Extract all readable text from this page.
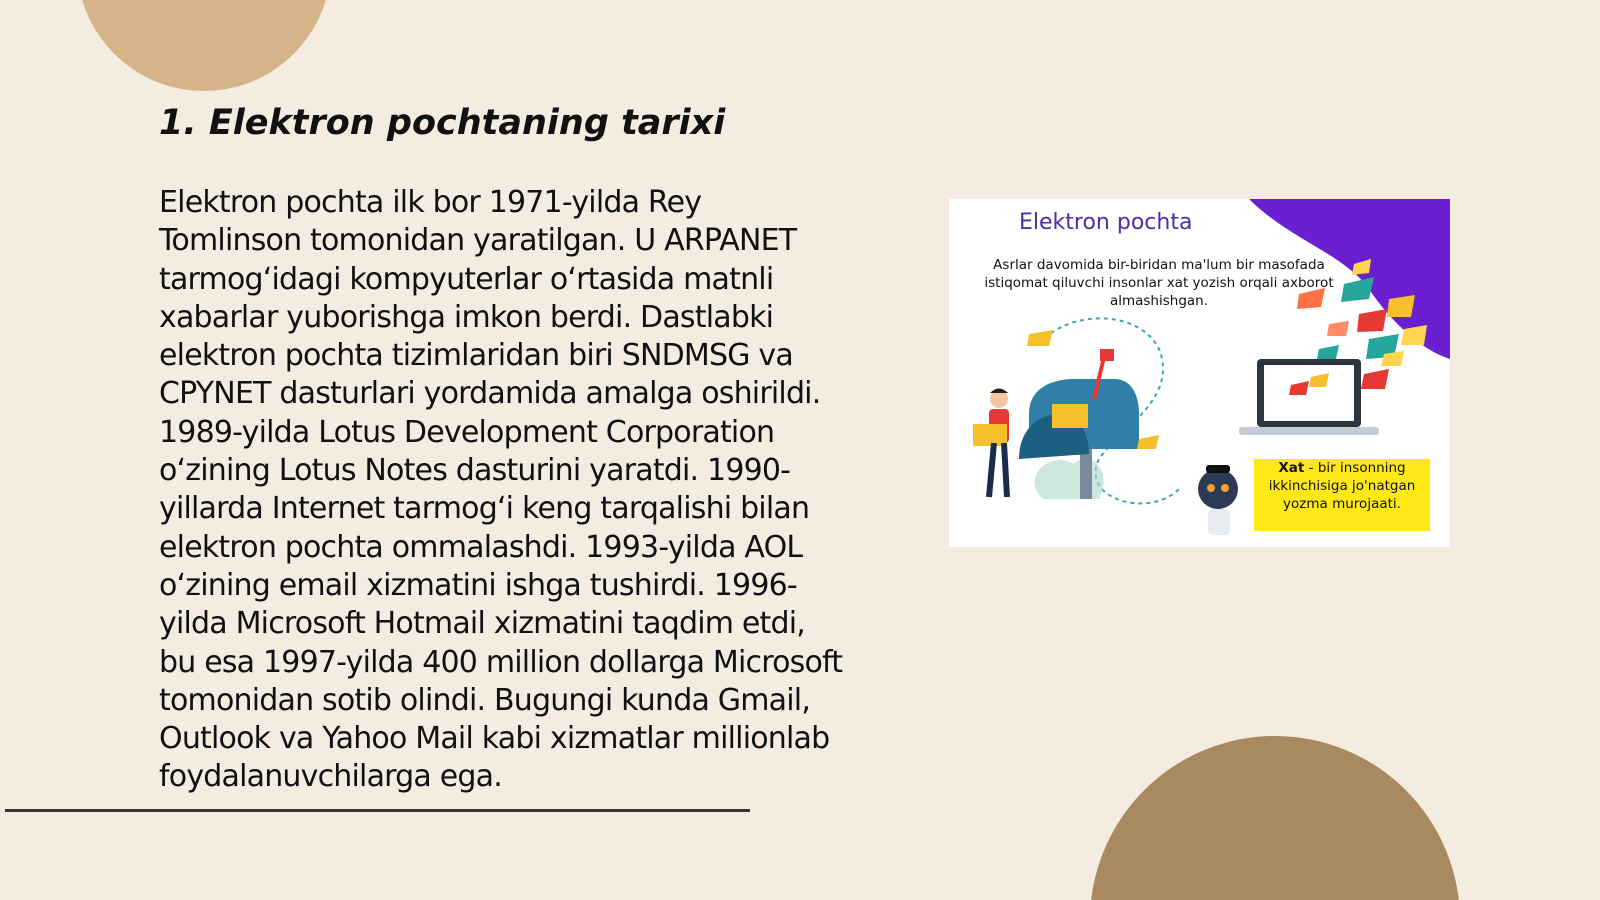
1. Elektron pochtaning tarixi

Elektron pochta ilk bor 1971-yilda Rey Tomlinson tomonidan yaratilgan. U ARPANET tarmog‘idagi kompyuterlar o‘rtasida matnli xabarlar yuborishga imkon berdi. Dastlabki elektron pochta tizimlaridan biri SNDMSG va CPYNET dasturlari yordamida amalga oshirildi. 1989-yilda Lotus Development Corporation o‘zining Lotus Notes dasturini yaratdi. 1990-yillarda Internet tarmog‘i keng tarqalishi bilan elektron pochta ommalashdi. 1993-yilda AOL o‘zining email xizmatini ishga tushirdi. 1996-yilda Microsoft Hotmail xizmatini taqdim etdi, bu esa 1997-yilda 400 million dollarga Microsoft tomonidan sotib olindi. Bugungi kunda Gmail, Outlook va Yahoo Mail kabi xizmatlar millionlab foydalanuvchilarga ega.

Elektron pochta
Asrlar davomida bir-biridan ma'lum bir masofada istiqomat qiluvchi insonlar xat yozish orqali axborot almashishgan.
Xat - bir insonning ikkinchisiga jo'natgan yozma murojaati.
